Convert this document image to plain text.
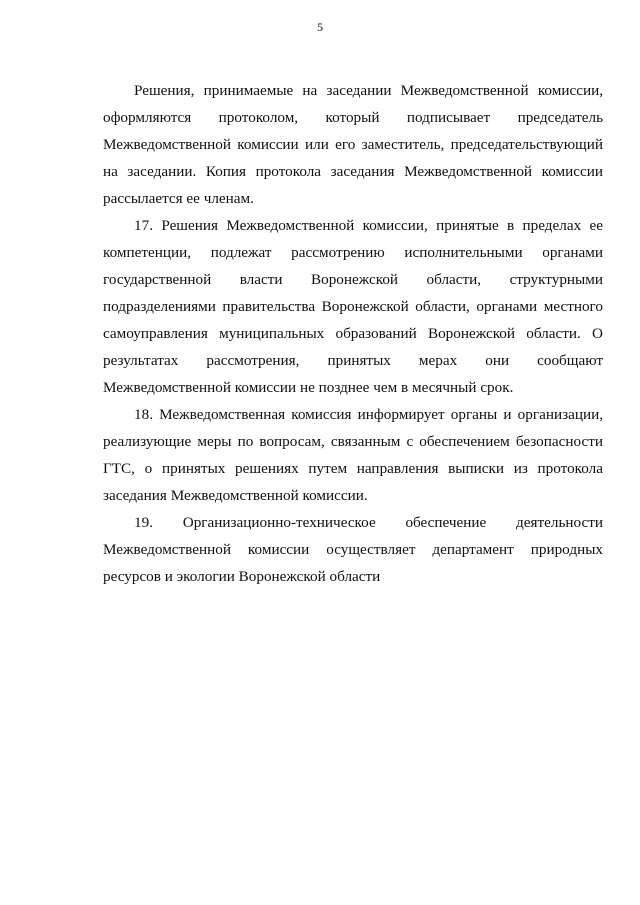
5

Решения, принимаемые на заседании Межведомственной комиссии, оформляются протоколом, который подписывает председатель Межведомственной комиссии или его заместитель, председательствующий на заседании. Копия протокола заседания Межведомственной комиссии рассылается ее членам.

17. Решения Межведомственной комиссии, принятые в пределах ее компетенции, подлежат рассмотрению исполнительными органами государственной власти Воронежской области, структурными подразделениями правительства Воронежской области, органами местного самоуправления муниципальных образований Воронежской области. О результатах рассмотрения, принятых мерах они сообщают Межведомственной комиссии не позднее чем в месячный срок.

18. Межведомственная комиссия информирует органы и организации, реализующие меры по вопросам, связанным с обеспечением безопасности ГТС, о принятых решениях путем направления выписки из протокола заседания Межведомственной комиссии.

19. Организационно-техническое обеспечение деятельности Межведомственной комиссии осуществляет департамент природных ресурсов и экологии Воронежской области
